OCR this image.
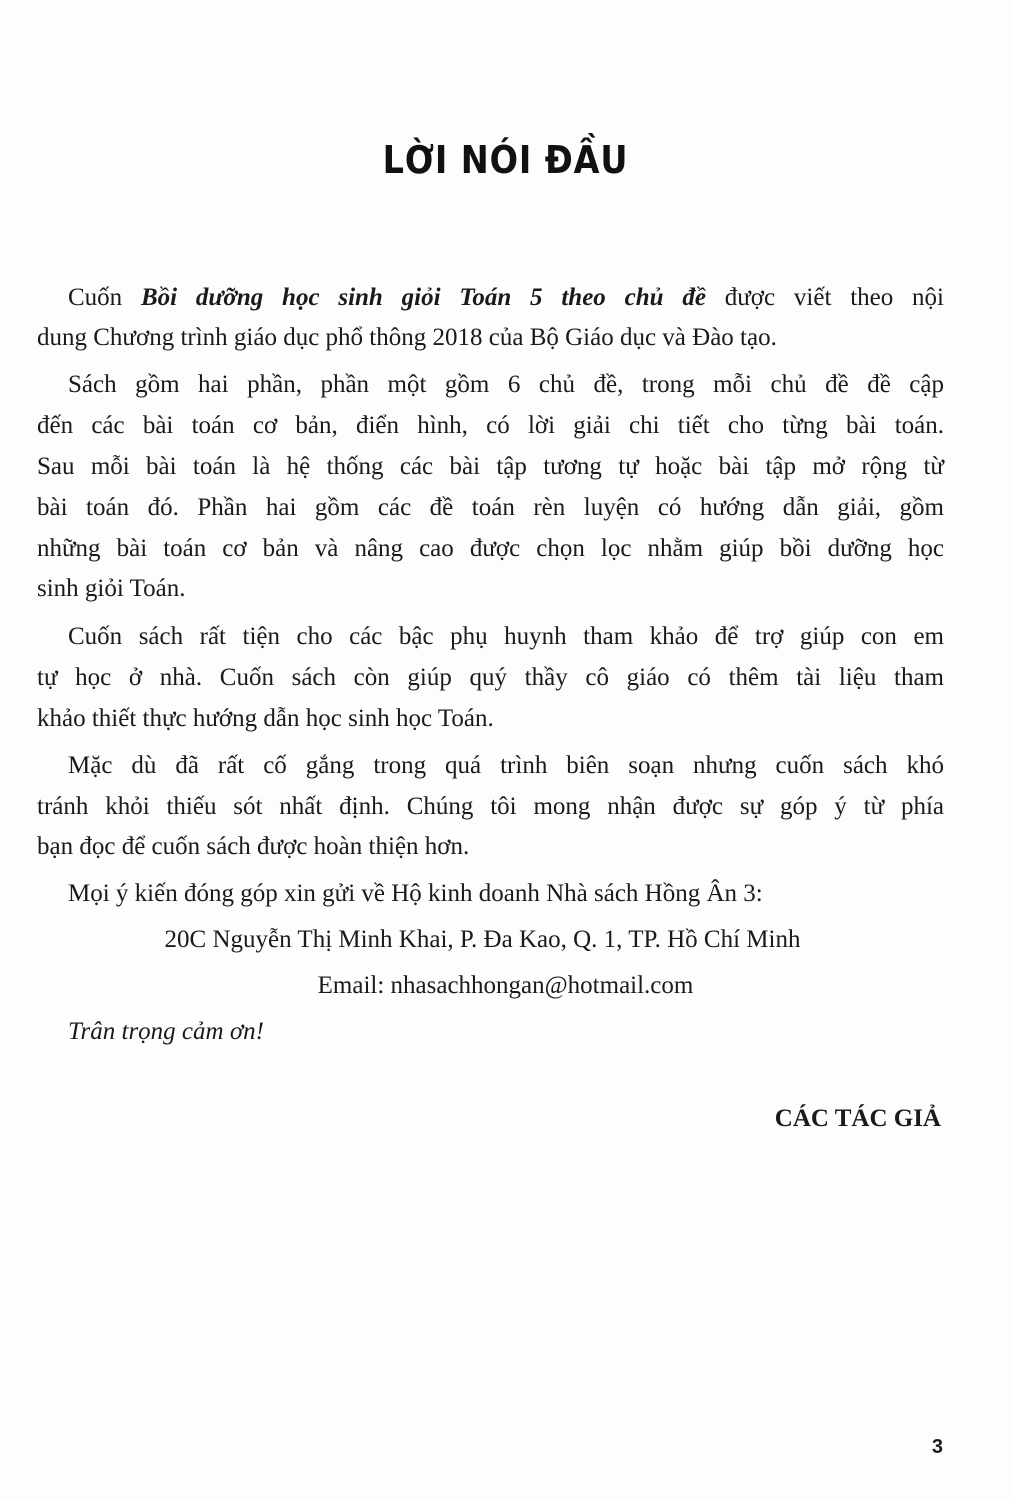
LỜI NÓI ĐẦU
Cuốn Bồi dưỡng học sinh giỏi Toán 5 theo chủ đề được viết theo nội
dung Chương trình giáo dục phổ thông 2018 của Bộ Giáo dục và Đào tạo.
Sách gồm hai phần, phần một gồm 6 chủ đề, trong mỗi chủ đề đề cập
đến các bài toán cơ bản, điển hình, có lời giải chi tiết cho từng bài toán.
Sau mỗi bài toán là hệ thống các bài tập tương tự hoặc bài tập mở rộng từ
bài toán đó. Phần hai gồm các đề toán rèn luyện có hướng dẫn giải, gồm
những bài toán cơ bản và nâng cao được chọn lọc nhằm giúp bồi dưỡng học
sinh giỏi Toán.
Cuốn sách rất tiện cho các bậc phụ huynh tham khảo để trợ giúp con em
tự học ở nhà. Cuốn sách còn giúp quý thầy cô giáo có thêm tài liệu tham
khảo thiết thực hướng dẫn học sinh học Toán.
Mặc dù đã rất cố gắng trong quá trình biên soạn nhưng cuốn sách khó
tránh khỏi thiếu sót nhất định. Chúng tôi mong nhận được sự góp ý từ phía
bạn đọc để cuốn sách được hoàn thiện hơn.
Mọi ý kiến đóng góp xin gửi về Hộ kinh doanh Nhà sách Hồng Ân 3:
20C Nguyễn Thị Minh Khai, P. Đa Kao, Q. 1, TP. Hồ Chí Minh
Email: nhasachhongan@hotmail.com
Trân trọng cảm ơn!
CÁC TÁC GIẢ
3
